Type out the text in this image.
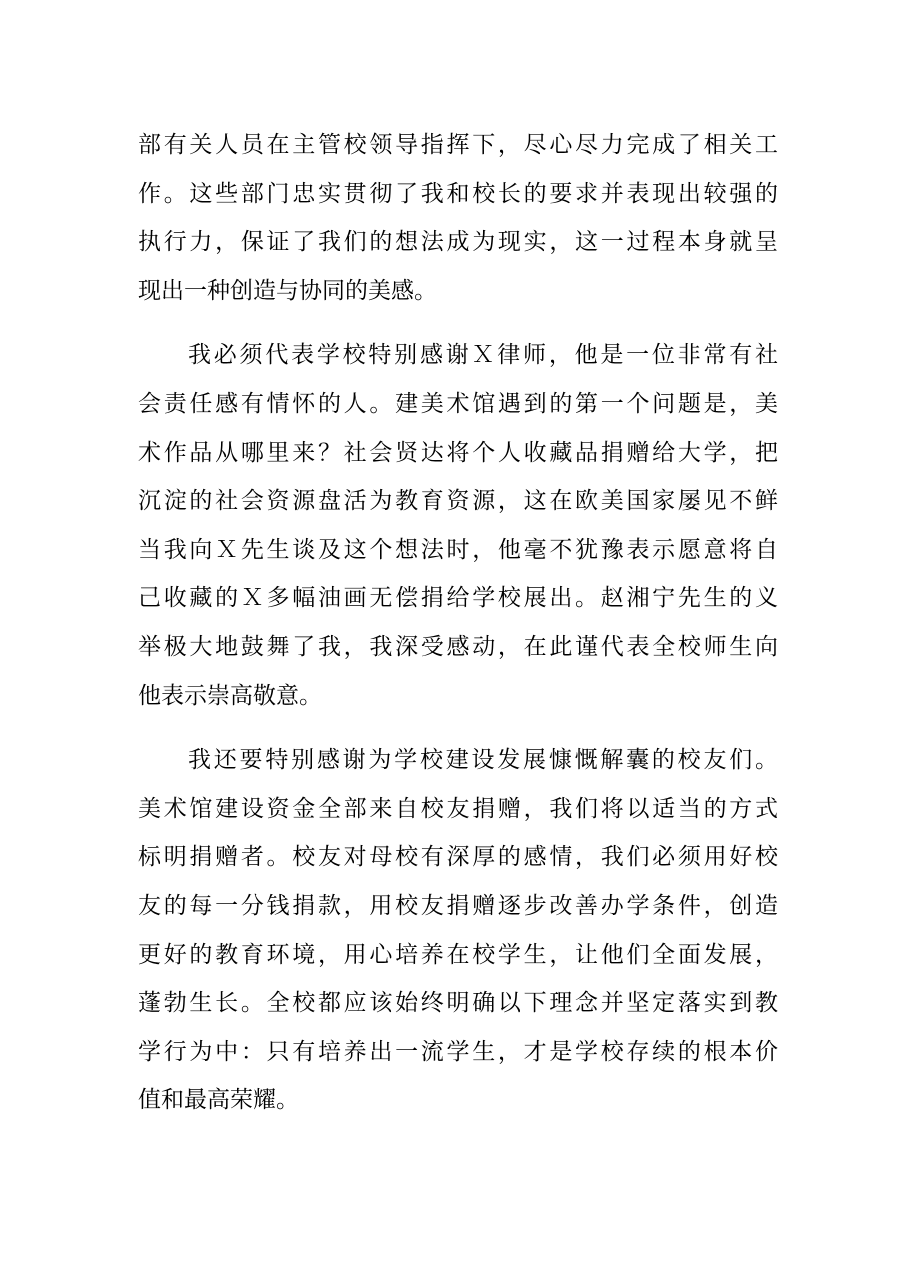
部有关人员在主管校领导指挥下，尽心尽力完成了相关工
作。这些部门忠实贯彻了我和校长的要求并表现出较强的
执行力，保证了我们的想法成为现实，这一过程本身就呈
现出一种创造与协同的美感。
我必须代表学校特别感谢Ｘ律师，他是一位非常有社
会责任感有情怀的人。建美术馆遇到的第一个问题是，美
术作品从哪里来？社会贤达将个人收藏品捐赠给大学，把
沉淀的社会资源盘活为教育资源，这在欧美国家屡见不鲜
当我向Ｘ先生谈及这个想法时，他毫不犹豫表示愿意将自
己收藏的Ｘ多幅油画无偿捐给学校展出。赵湘宁先生的义
举极大地鼓舞了我，我深受感动，在此谨代表全校师生向
他表示崇高敬意。
我还要特别感谢为学校建设发展慷慨解囊的校友们。
美术馆建设资金全部来自校友捐赠，我们将以适当的方式
标明捐赠者。校友对母校有深厚的感情，我们必须用好校
友的每一分钱捐款，用校友捐赠逐步改善办学条件，创造
更好的教育环境，用心培养在校学生，让他们全面发展，
蓬勃生长。全校都应该始终明确以下理念并坚定落实到教
学行为中：只有培养出一流学生，才是学校存续的根本价
值和最高荣耀。
